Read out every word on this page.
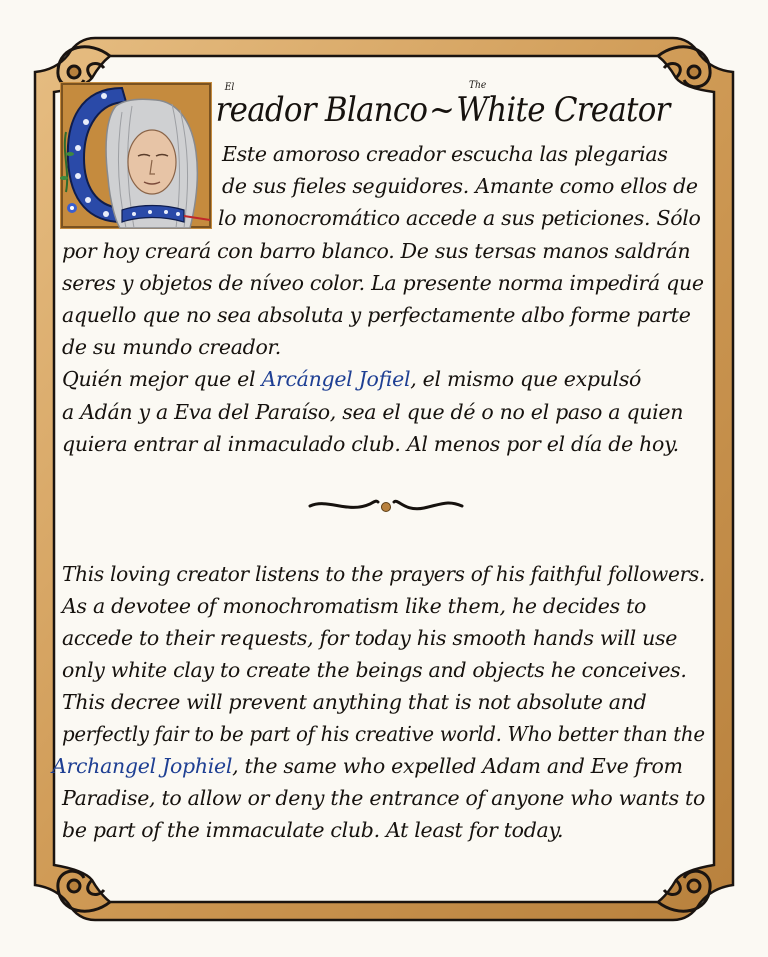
El
reador Blanco ~
The
White Creator
Este amoroso creador escucha las plegarias
de sus fieles seguidores. Amante como ellos de
lo monocromático accede a sus peticiones. Sólo
por hoy creará con barro blanco. De sus tersas manos saldrán
seres y objetos de níveo color. La presente norma impedirá que
aquello que no sea absoluta y perfectamente albo forme parte
de su mundo creador.
Quién mejor que el Arcángel Jofiel, el mismo que expulsó
a Adán y a Eva del Paraíso, sea el que dé o no el paso a quien
quiera entrar al inmaculado club. Al menos por el día de hoy.
This loving creator listens to the prayers of his faithful followers.
As a devotee of monochromatism like them, he decides to
accede to their requests, for today his smooth hands will use
only white clay to create the beings and objects he conceives.
This decree will prevent anything that is not absolute and
perfectly fair to be part of his creative world. Who better than the
Archangel Jophiel, the same who expelled Adam and Eve from
Paradise, to allow or deny the entrance of anyone who wants to
be part of the immaculate club. At least for today.
